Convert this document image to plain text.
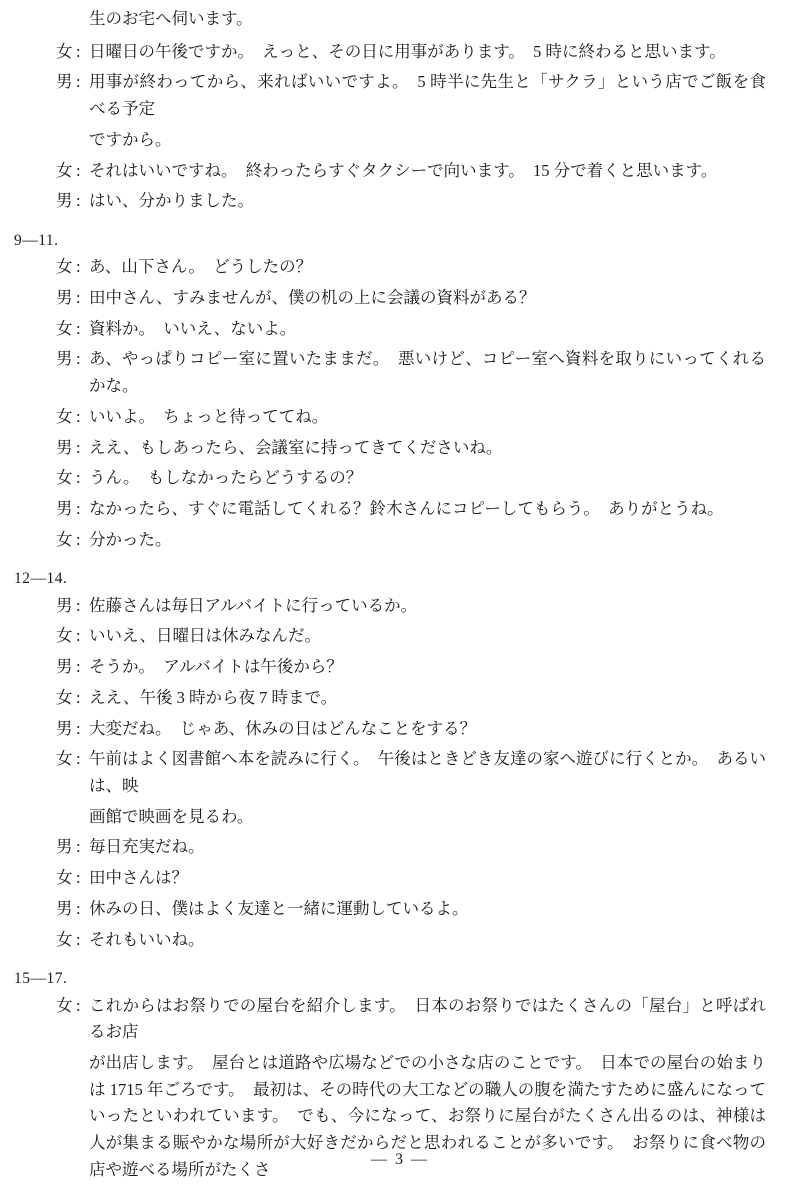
生のお宅へ伺います。
女 : 日曜日の午後ですか。　えっと、その日に用事があります。　5 時に終わると思います。
男 : 用事が終わってから、来ればいいですよ。　5 時半に先生と「サクラ」という店でご飯を食べる予定
ですから。
女 : それはいいですね。　終わったらすぐタクシーで向います。　15 分で着くと思います。
男 : はい、分かりました。
9—11.
女 : あ、山下さん。　どうしたの？
男 : 田中さん、すみませんが、僕の机の上に会議の資料がある？
女 : 資料か。　いいえ、ないよ。
男 : あ、やっぱりコピー室に置いたままだ。　悪いけど、コピー室へ資料を取りにいってくれるかな。
女 : いいよ。　ちょっと待っててね。
男 : ええ、もしあったら、会議室に持ってきてくださいね。
女 : うん。　もしなかったらどうするの？
男 : なかったら、すぐに電話してくれる？鈴木さんにコピーしてもらう。　ありがとうね。
女 : 分かった。
12—14.
男 : 佐藤さんは毎日アルバイトに行っているか。
女 : いいえ、日曜日は休みなんだ。
男 : そうか。　アルバイトは午後から？
女 : ええ、午後 3 時から夜 7 時まで。
男 : 大変だね。　じゃあ、休みの日はどんなことをする？
女 : 午前はよく図書館へ本を読みに行く。　午後はときどき友達の家へ遊びに行くとか。　あるいは、映
画館で映画を見るわ。
男 : 毎日充実だね。
女 : 田中さんは？
男 : 休みの日、僕はよく友達と一緒に運動しているよ。
女 : それもいいね。
15—17.
女 : これからはお祭りでの屋台を紹介します。　日本のお祭りではたくさんの「屋台」と呼ばれるお店
が出店します。　屋台とは道路や広場などでの小さな店のことです。　日本での屋台の始まりは 1715 年ごろです。　最初は、その時代の大工などの職人の腹を満たすために盛んになっていったといわれています。　でも、今になって、お祭りに屋台がたくさん出るのは、神様は人が集まる賑やかな場所が大好きだからだと思われることが多いです。　お祭りに食べ物の店や遊べる場所がたくさ
— 3 —
